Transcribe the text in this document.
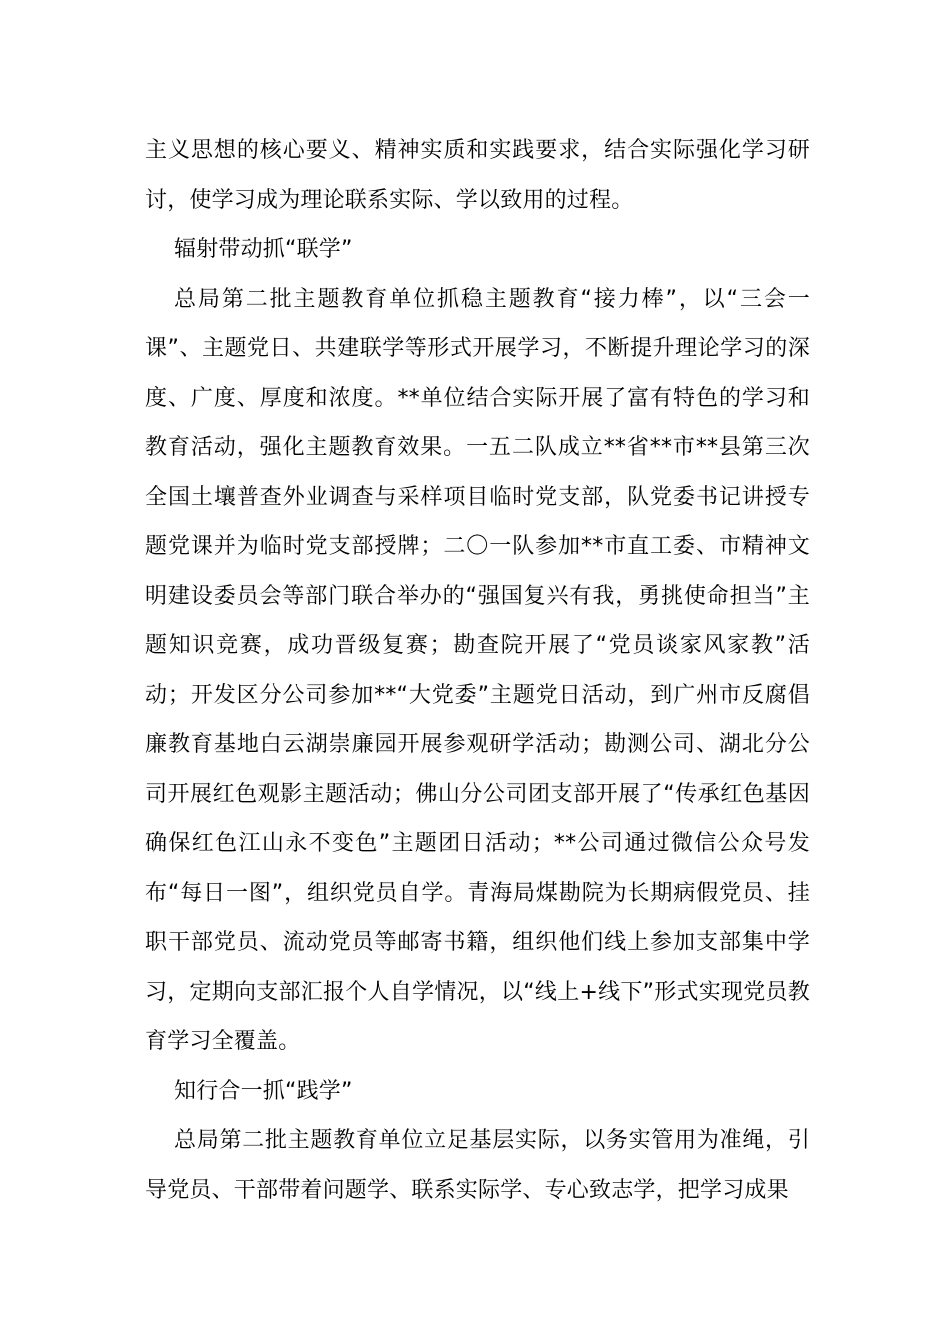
主义思想的核心要义、精神实质和实践要求，结合实际强化学习研讨，使学习成为理论联系实际、学以致用的过程。

辐射带动抓“联学”

总局第二批主题教育单位抓稳主题教育“接力棒”，以“三会一课”、主题党日、共建联学等形式开展学习，不断提升理论学习的深度、广度、厚度和浓度。**单位结合实际开展了富有特色的学习和教育活动，强化主题教育效果。一五二队成立**省**市**县第三次全国土壤普查外业调查与采样项目临时党支部，队党委书记讲授专题党课并为临时党支部授牌；二〇一队参加**市直工委、市精神文明建设委员会等部门联合举办的“强国复兴有我，勇挑使命担当”主题知识竞赛，成功晋级复赛；勘查院开展了“党员谈家风家教”活动；开发区分公司参加**“大党委”主题党日活动，到广州市反腐倡廉教育基地白云湖崇廉园开展参观研学活动；勘测公司、湖北分公司开展红色观影主题活动；佛山分公司团支部开展了“传承红色基因 确保红色江山永不变色”主题团日活动；**公司通过微信公众号发布“每日一图”，组织党员自学。青海局煤勘院为长期病假党员、挂职干部党员、流动党员等邮寄书籍，组织他们线上参加支部集中学习，定期向支部汇报个人自学情况，以“线上+线下”形式实现党员教育学习全覆盖。

知行合一抓“践学”

总局第二批主题教育单位立足基层实际，以务实管用为准绳，引导党员、干部带着问题学、联系实际学、专心致志学，把学习成果
